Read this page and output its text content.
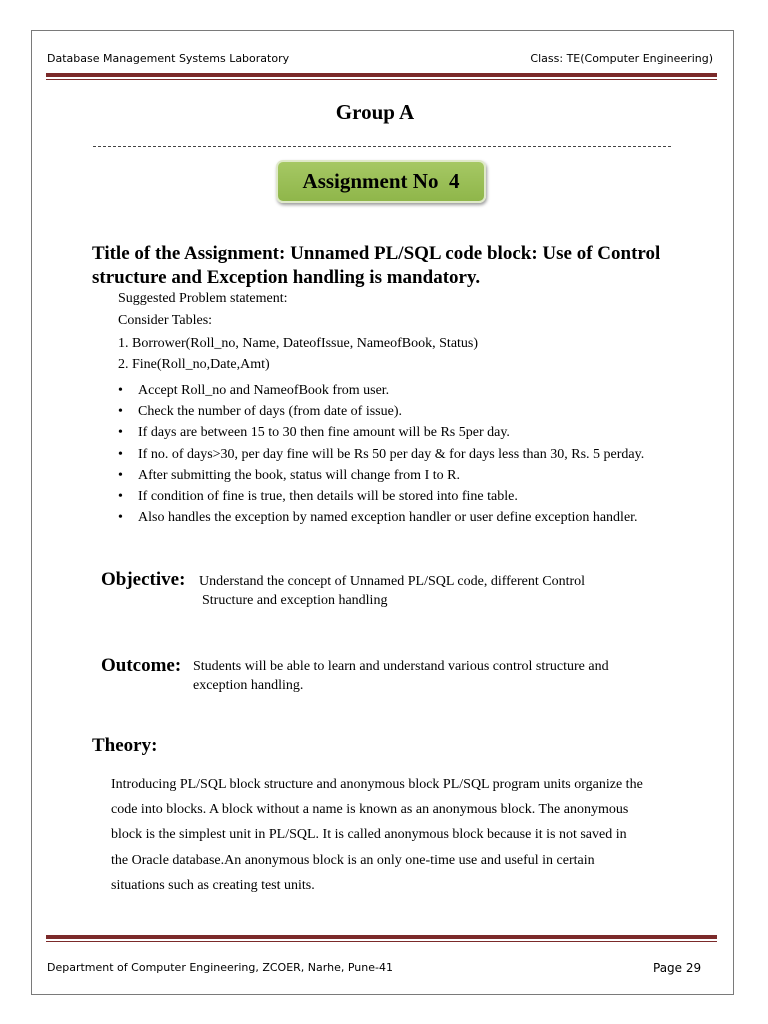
Database Management Systems Laboratory	Class: TE(Computer Engineering)
Group A
Assignment No  4
Title of the Assignment: Unnamed PL/SQL code block: Use of Control
structure and Exception handling is mandatory.
Suggested Problem statement:
Consider Tables:
1. Borrower(Roll_no, Name, DateofIssue, NameofBook, Status)
2. Fine(Roll_no,Date,Amt)
• Accept Roll_no and NameofBook from user.
• Check the number of days (from date of issue).
• If days are between 15 to 30 then fine amount will be Rs 5per day.
• If no. of days>30, per day fine will be Rs 50 per day & for days less than 30, Rs. 5 perday.
• After submitting the book, status will change from I to R.
• If condition of fine is true, then details will be stored into fine table.
• Also handles the exception by named exception handler or user define exception handler.
Objective: Understand the concept of Unnamed PL/SQL code, different Control
Structure and exception handling
Outcome: Students will be able to learn and understand various control structure and
exception handling.
Theory:

Introducing PL/SQL block structure and anonymous block PL/SQL program units organize the

code into blocks. A block without a name is known as an anonymous block. The anonymous

block is the simplest unit in PL/SQL. It is called anonymous block because it is not saved in

the Oracle database.An anonymous block is an only one-time use and useful in certain

situations such as creating test units.

Department of Computer Engineering, ZCOER, Narhe, Pune-41	Page 29
